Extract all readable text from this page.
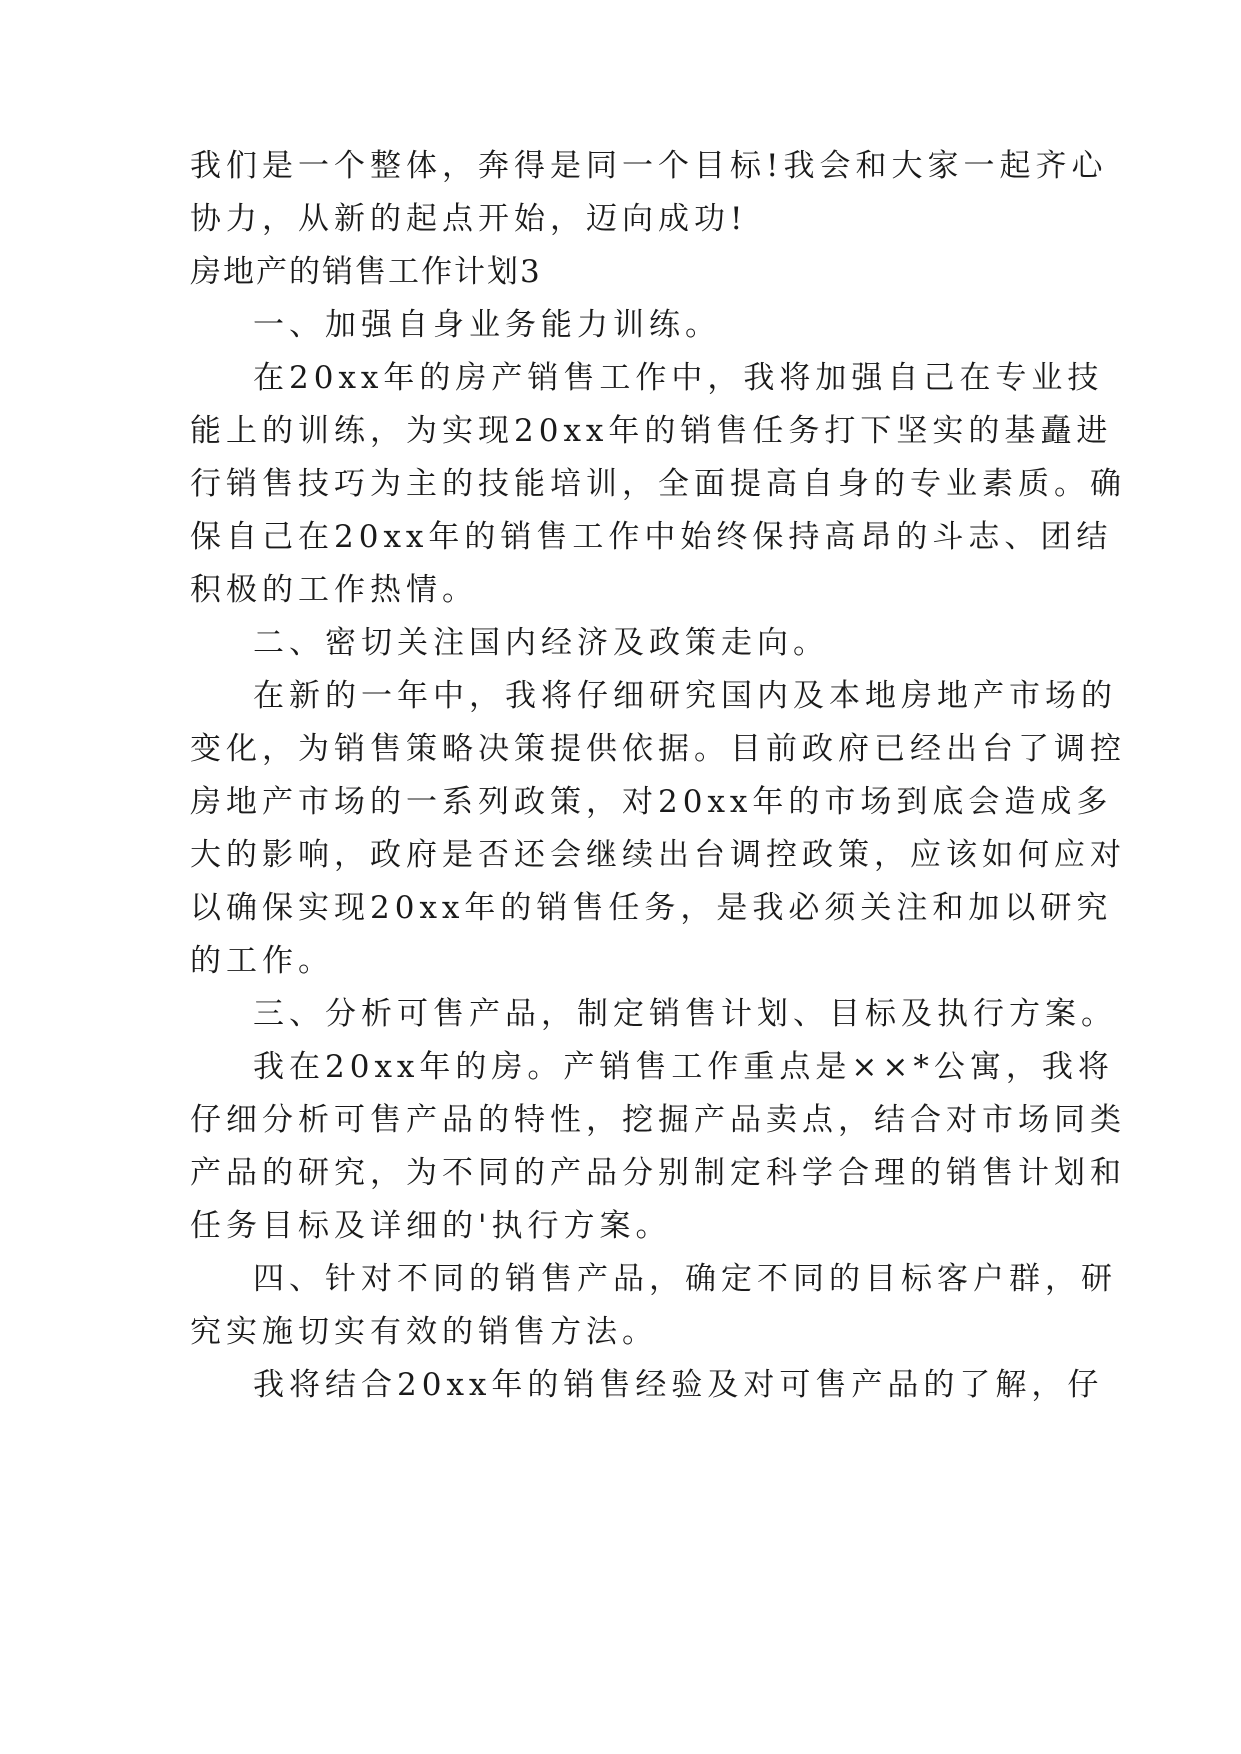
我们是一个整体，奔得是同一个目标!我会和大家一起齐心
协力，从新的起点开始，迈向成功!
房地产的销售工作计划3
一、加强自身业务能力训练。
在20xx年的房产销售工作中，我将加强自己在专业技
能上的训练，为实现20xx年的销售任务打下坚实的基矗进
行销售技巧为主的技能培训，全面提高自身的专业素质。确
保自己在20xx年的销售工作中始终保持高昂的斗志、团结
积极的工作热情。
二、密切关注国内经济及政策走向。
在新的一年中，我将仔细研究国内及本地房地产市场的
变化，为销售策略决策提供依据。目前政府已经出台了调控
房地产市场的一系列政策，对20xx年的市场到底会造成多
大的影响，政府是否还会继续出台调控政策，应该如何应对
以确保实现20xx年的销售任务，是我必须关注和加以研究
的工作。
三、分析可售产品，制定销售计划、目标及执行方案。
我在20xx年的房。产销售工作重点是××*公寓，我将
仔细分析可售产品的特性，挖掘产品卖点，结合对市场同类
产品的研究，为不同的产品分别制定科学合理的销售计划和
任务目标及详细的'执行方案。
四、针对不同的销售产品，确定不同的目标客户群，研
究实施切实有效的销售方法。
我将结合20xx年的销售经验及对可售产品的了解，仔
